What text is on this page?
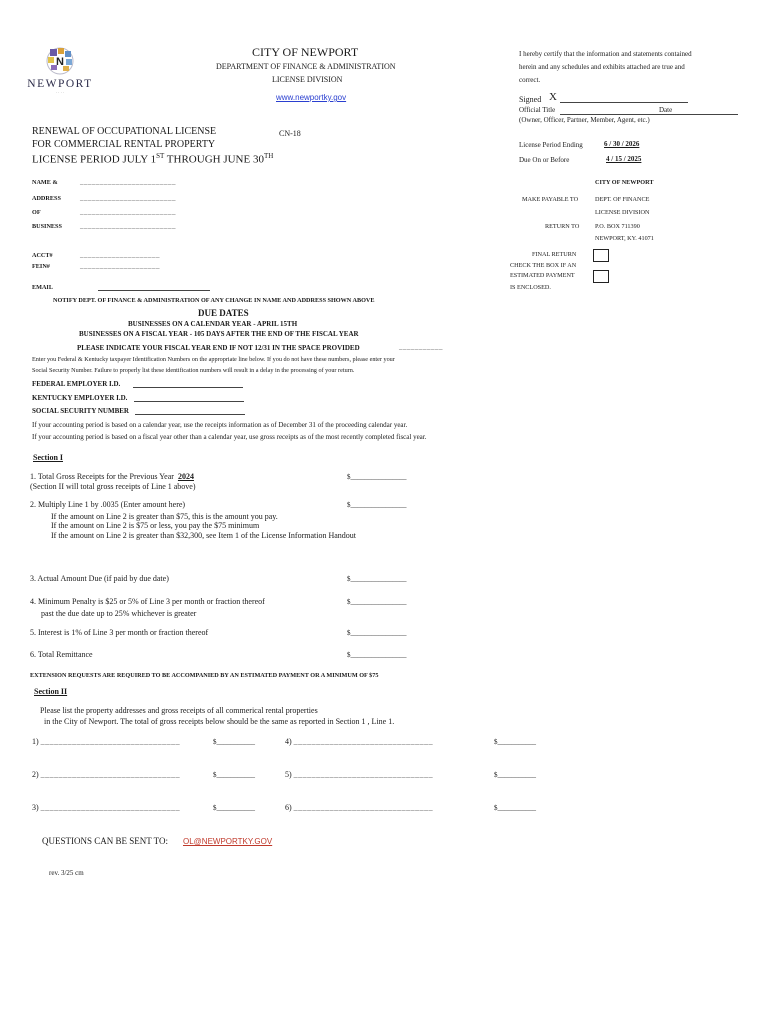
N
NEWPORT
· · · ·
CITY OF NEWPORT
DEPARTMENT OF FINANCE & ADMINISTRATION
LICENSE DIVISION
www.newportky.gov
I hereby certify that the information and statements contained
herein and any schedules and exhibits attached are true and
correct.
Signed X
Official Title	Date
(Owner, Officer, Partner, Member, Agent, etc.)
RENEWAL OF OCCUPATIONAL LICENSE
FOR COMMERCIAL RENTAL PROPERTY
CN-18
LICENSE PERIOD JULY 1ST THROUGH JUNE 30TH
License Period Ending	6 / 30 / 2026
Due On or Before	4 / 15 / 2025
NAME &	________________________
ADDRESS	________________________
OF	________________________
BUSINESS	________________________
ACCT#	____________________
FEIN#	____________________
EMAIL
CITY OF NEWPORT
MAKE PAYABLE TO	DEPT. OF FINANCE
LICENSE DIVISION
RETURN TO	P.O. BOX 711390
NEWPORT, KY. 41071
FINAL RETURN
CHECK THE BOX IF AN
ESTIMATED PAYMENT
IS ENCLOSED.
NOTIFY DEPT. OF FINANCE & ADMINISTRATION OF ANY CHANGE IN NAME AND ADDRESS SHOWN ABOVE
DUE DATES
BUSINESSES ON A CALENDAR YEAR - APRIL 15TH
BUSINESSES ON A FISCAL YEAR - 105 DAYS AFTER THE END OF THE FISCAL YEAR
PLEASE INDICATE YOUR FISCAL YEAR END IF NOT 12/31 IN THE SPACE PROVIDED	___________
Enter you Federal & Kentucky taxpayer Identification Numbers on the appropriate line below. If you do not have these numbers, please enter your
Social Security Number. Failure to properly list these identification numbers will result in a delay in the processing of your return.
FEDERAL EMPLOYER I.D.
KENTUCKY EMPLOYER I.D.
SOCIAL SECURITY NUMBER
If your accounting period is based on a calendar year, use the receipts information as of December 31 of the proceeding calendar year.
If your accounting period is based on a fiscal year other than a calendar year, use gross receipts as of the most recently completed fiscal year.
Section I
1. Total Gross Receipts for the Previous Year 2024
(Section II will total gross receipts of Line 1 above)
$________________
2. Multiply Line 1 by .0035 (Enter amount here)	$________________
If the amount on Line 2 is greater than $75, this is the amount you pay.
If the amount on Line 2 is $75 or less, you pay the $75 minimum
If the amount on Line 2 is greater than $32,300, see Item 1 of the License Information Handout
3. Actual Amount Due (if paid by due date)	$________________
4. Minimum Penalty is $25 or 5% of Line 3 per month or fraction thereof
past the due date up to 25% whichever is greater
$________________
5. Interest is 1% of Line 3 per month or fraction thereof	$________________
6. Total Remittance	$________________
EXTENSION REQUESTS ARE REQUIRED TO BE ACCOMPANIED BY AN ESTIMATED PAYMENT OR A MINIMUM OF $75
Section II
Please list the property addresses and gross receipts of all commerical rental properties
in the City of Newport. The total of gross receipts below should be the same as reported in Section 1 , Line 1.
1) _______________________________	$___________	4) _______________________________	$___________
2) _______________________________	$___________	5) _______________________________	$___________
3) _______________________________	$___________	6) _______________________________	$___________
QUESTIONS CAN BE SENT TO: OL@NEWPORTKY.GOV
rev. 3/25 cm
